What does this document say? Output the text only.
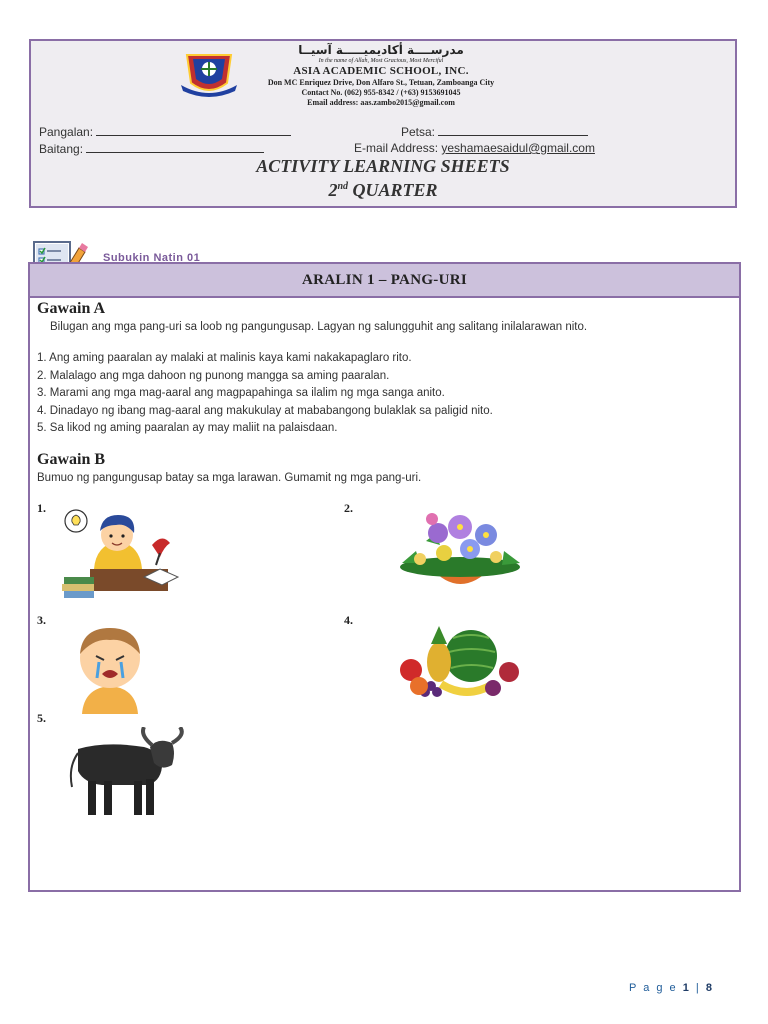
مدرســــة أكاديميـــــة آسيــا
In the name of Allah, Most Gracious, Most Merciful
ASIA ACADEMIC SCHOOL, INC.
Don MC Enriquez Drive, Don Alfaro St., Tetuan, Zamboanga City
Contact No. (062) 955-8342 / (+63) 9153691045
Email address: aas.zambo2015@gmail.com
Pangalan:	Petsa:
Baitang:	E-mail Address: yeshamaesaidul@gmail.com
ACTIVITY LEARNING SHEETS
2nd QUARTER
Subukin Natin 01
ARALIN 1 – PANG-URI
Gawain A
Bilugan ang mga pang-uri sa loob ng pangungusap. Lagyan ng salungguhit ang salitang inilalarawan nito.
1. Ang aming paaralan ay malaki at malinis kaya kami nakakapaglaro rito.
2. Malalago ang mga dahoon ng punong mangga sa aming paaralan.
3. Marami ang mga mag-aaral ang magpapahinga sa ilalim ng mga sanga anito.
4. Dinadayo ng ibang mag-aaral ang makukulay at mababangong bulaklak sa paligid nito.
5. Sa likod ng aming paaralan ay may maliit na palaisdaan.
Gawain B
Bumuo ng pangungusap batay sa mga larawan. Gumamit ng mga pang-uri.
1.	2.
3.	4.
5.
P a g e 1 | 8
